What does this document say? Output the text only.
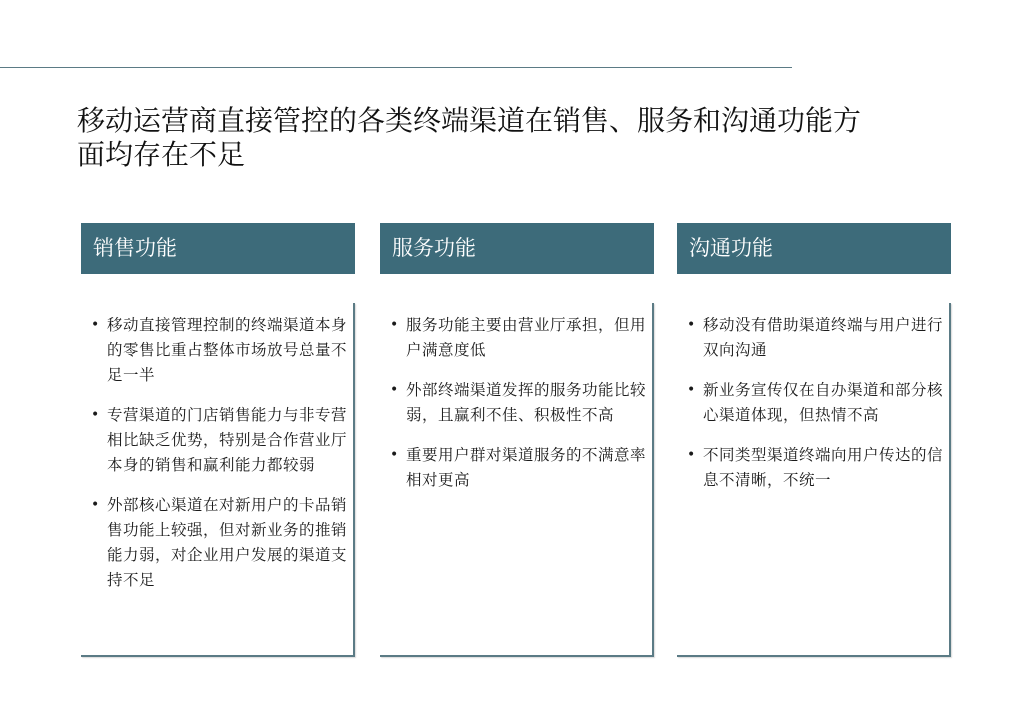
移动运营商直接管控的各类终端渠道在销售、服务和沟通功能方
面均存在不足
销售功能
• 移动直接管理控制的终端渠道本身的零售比重占整体市场放号总量不足一半
• 专营渠道的门店销售能力与非专营相比缺乏优势，特别是合作营业厅本身的销售和赢利能力都较弱
• 外部核心渠道在对新用户的卡品销售功能上较强，但对新业务的推销能力弱，对企业用户发展的渠道支持不足
服务功能
• 服务功能主要由营业厅承担，但用户满意度低
• 外部终端渠道发挥的服务功能比较弱，且赢利不佳、积极性不高
• 重要用户群对渠道服务的不满意率相对更高
沟通功能
• 移动没有借助渠道终端与用户进行双向沟通
• 新业务宣传仅在自办渠道和部分核心渠道体现，但热情不高
• 不同类型渠道终端向用户传达的信息不清晰，不统一
